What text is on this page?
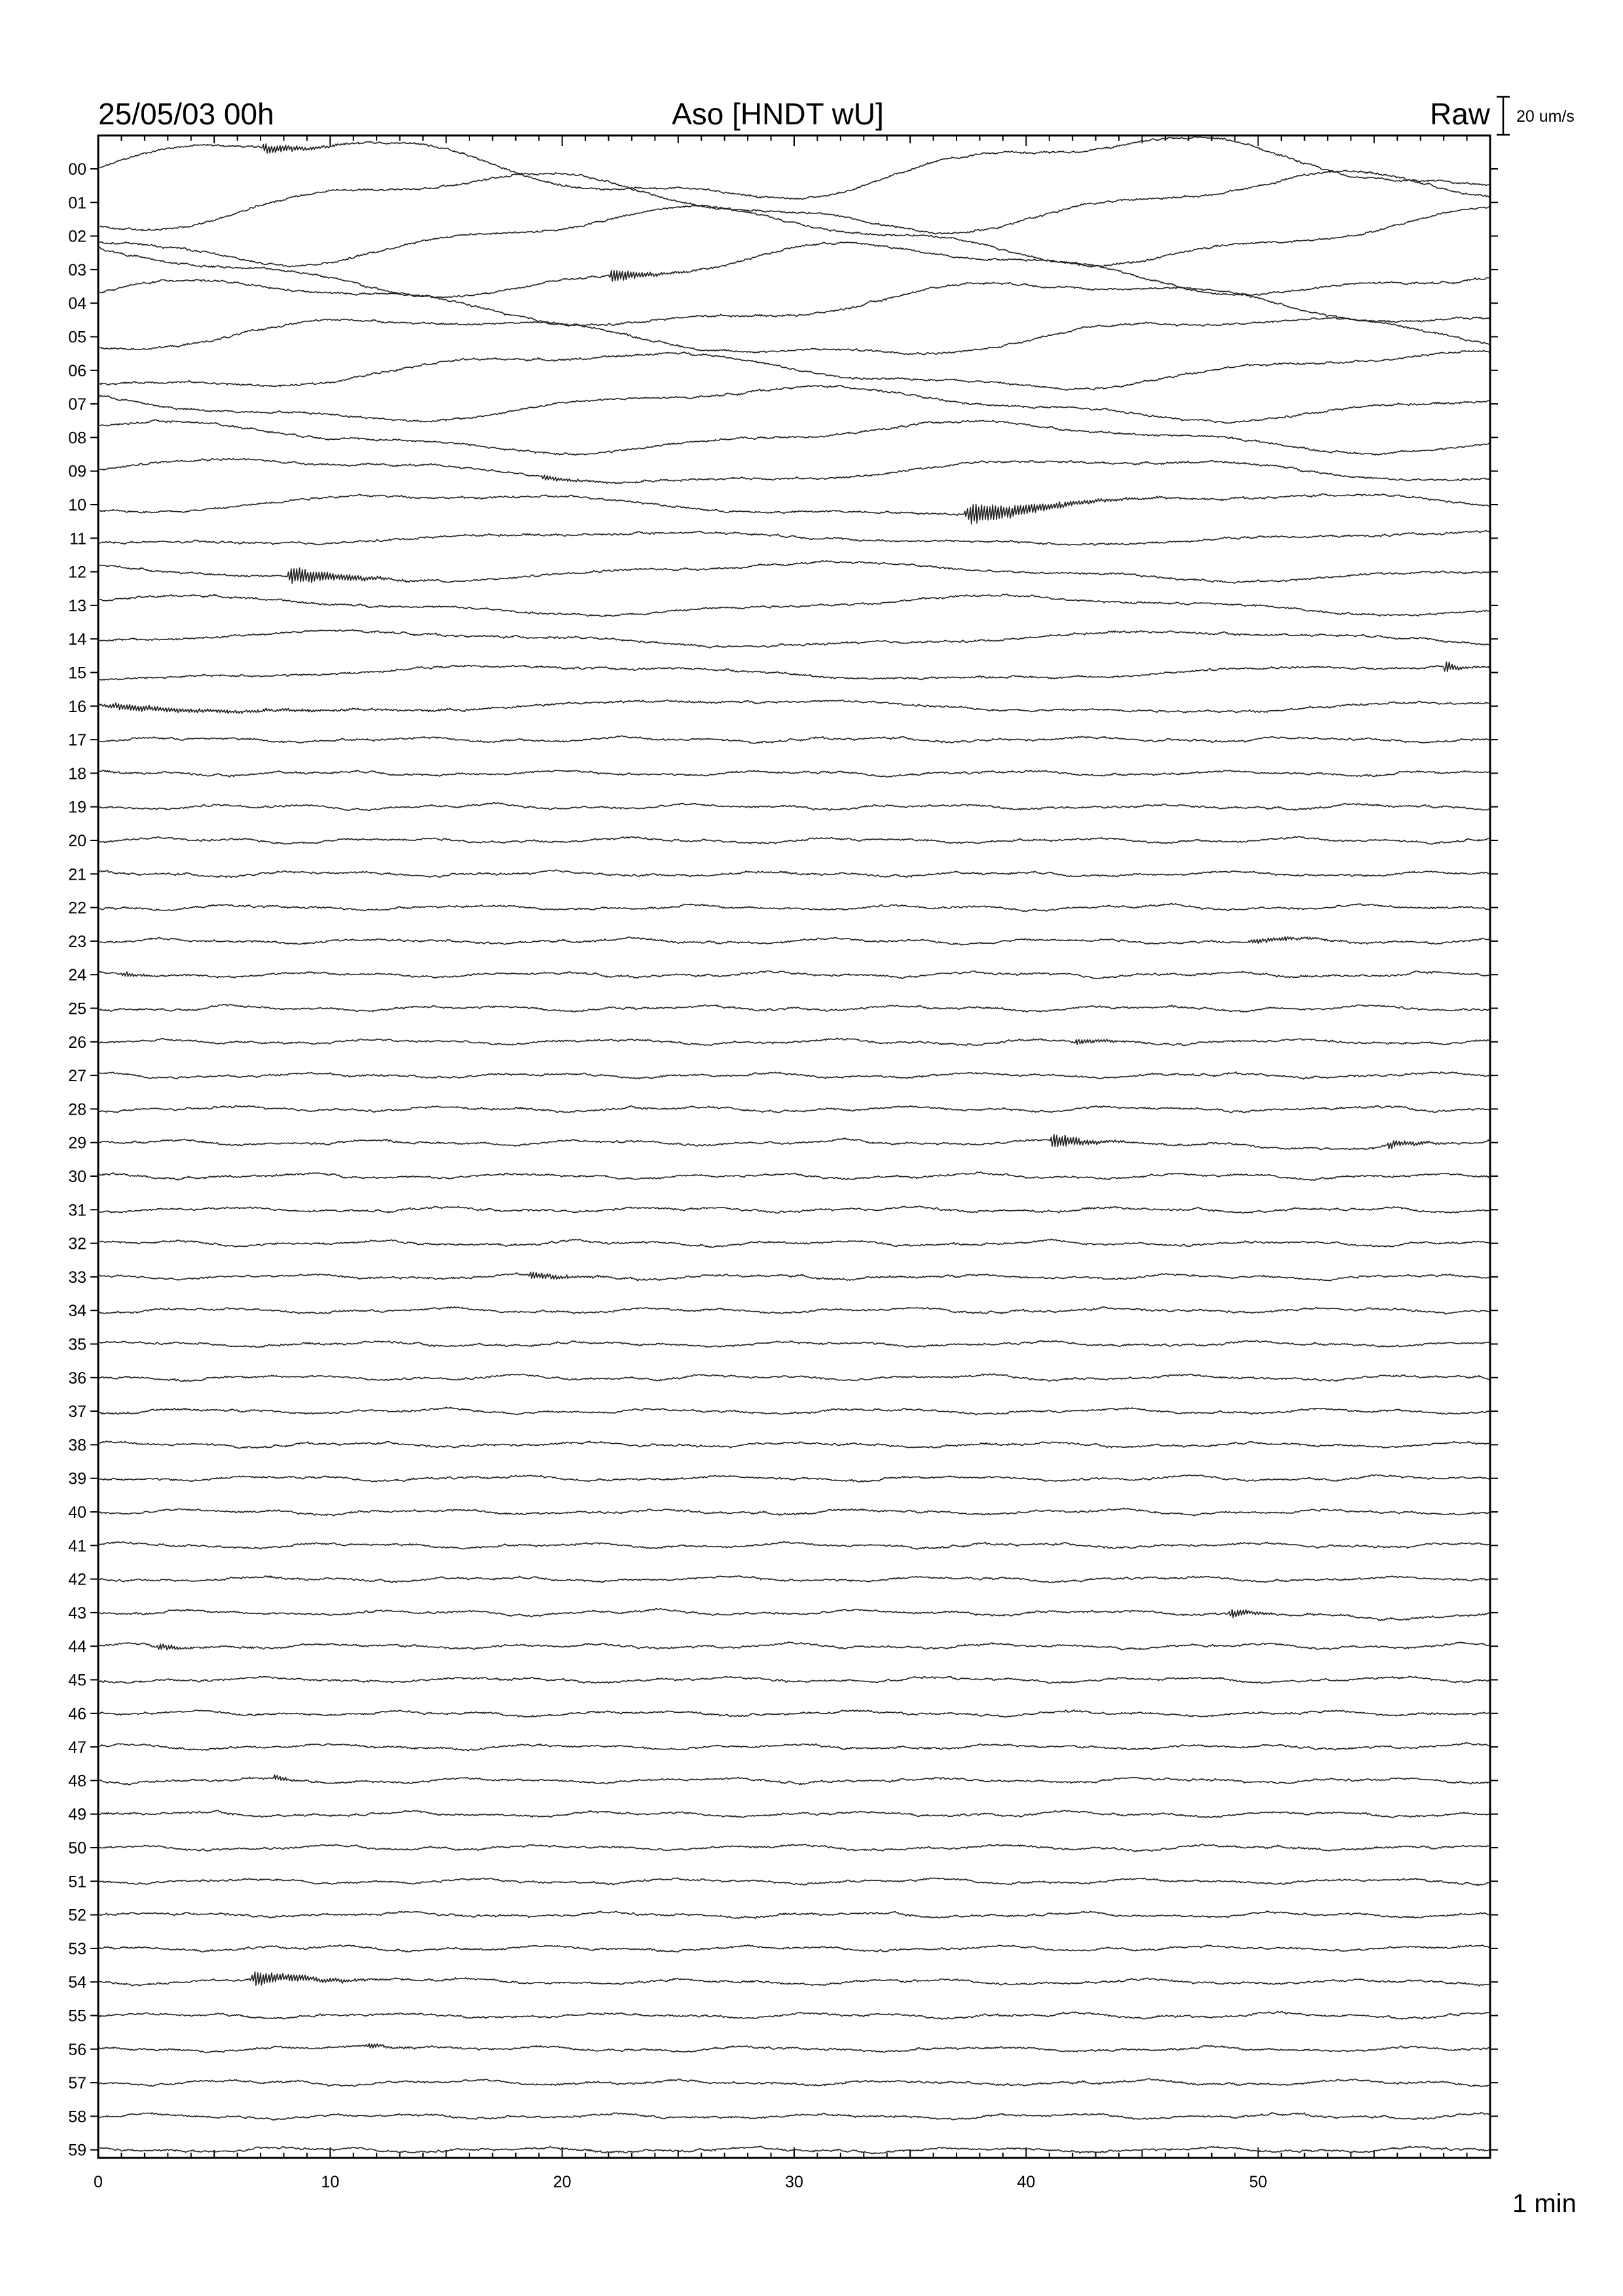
25/05/03 00h	Aso [HNDT wU]	Raw 20 um/s
00
01
02
03
04
05
06
07
08
09
10
11
12
13
14
15
16
17
18
19
20
21
22
23
24
25
26
27
28
29
30
31
32
33
34
35
36
37
38
39
40
41
42
43
44
45
46
47
48
49
50
51
52
53
54
55
56
57
58
59
0	10	20	30	40	50
1 min
